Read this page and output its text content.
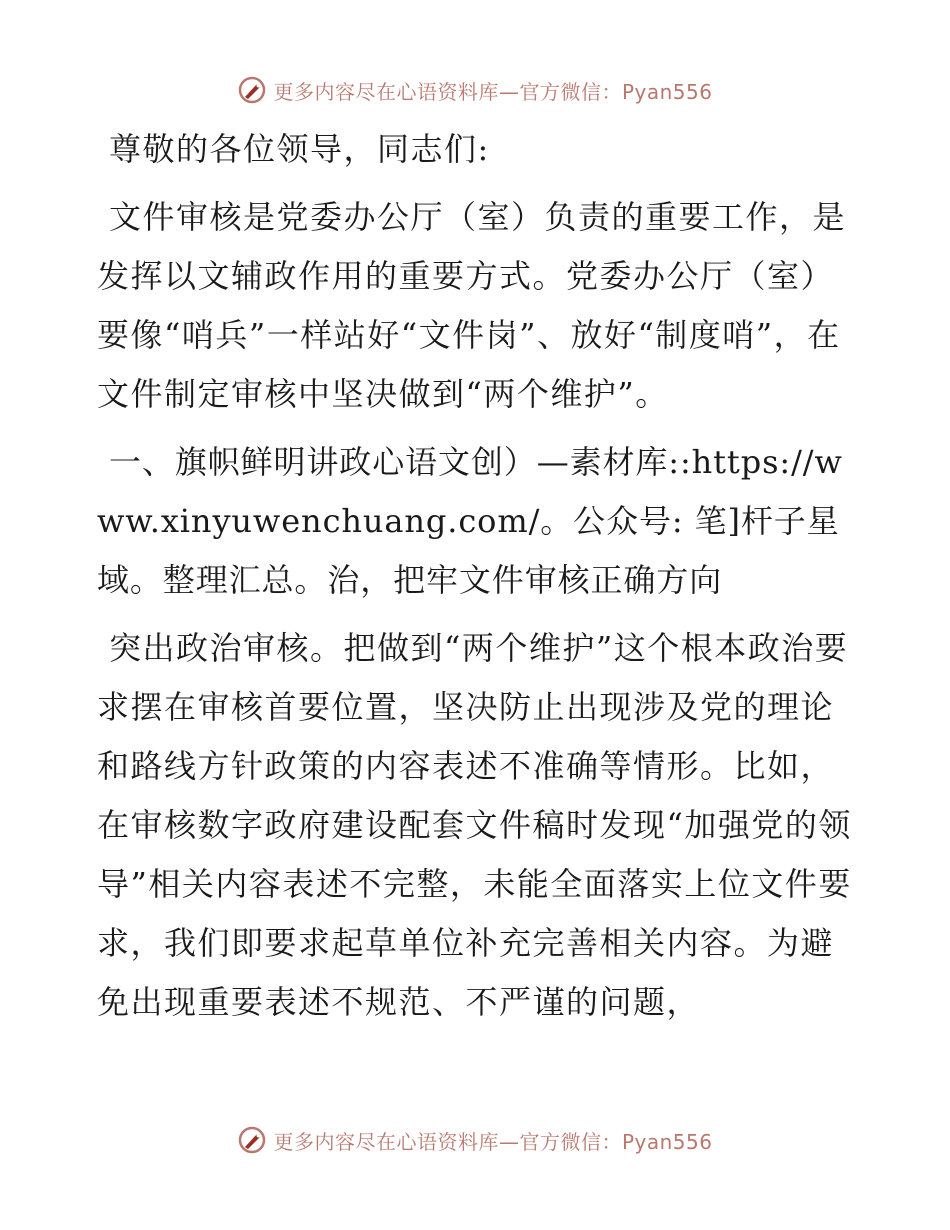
更多内容尽在心语资料库—官方微信：Pyan556

尊敬的各位领导，同志们:

文件审核是党委办公厅（室）负责的重要工作，是发挥以文辅政作用的重要方式。党委办公厅（室）要像“哨兵”一样站好“文件岗”、放好“制度哨”，在文件制定审核中坚决做到“两个维护”。

一、旗帜鲜明讲政心语文创）—素材库::https://www.xinyuwenchuang.com/。公众号: 笔]杆子星域。整理汇总。治，把牢文件审核正确方向

突出政治审核。把做到“两个维护”这个根本政治要求摆在审核首要位置，坚决防止出现涉及党的理论和路线方针政策的内容表述不准确等情形。比如，在审核数字政府建设配套文件稿时发现“加强党的领导”相关内容表述不完整，未能全面落实上位文件要求，我们即要求起草单位补充完善相关内容。为避免出现重要表述不规范、不严谨的问题，

更多内容尽在心语资料库—官方微信：Pyan556
